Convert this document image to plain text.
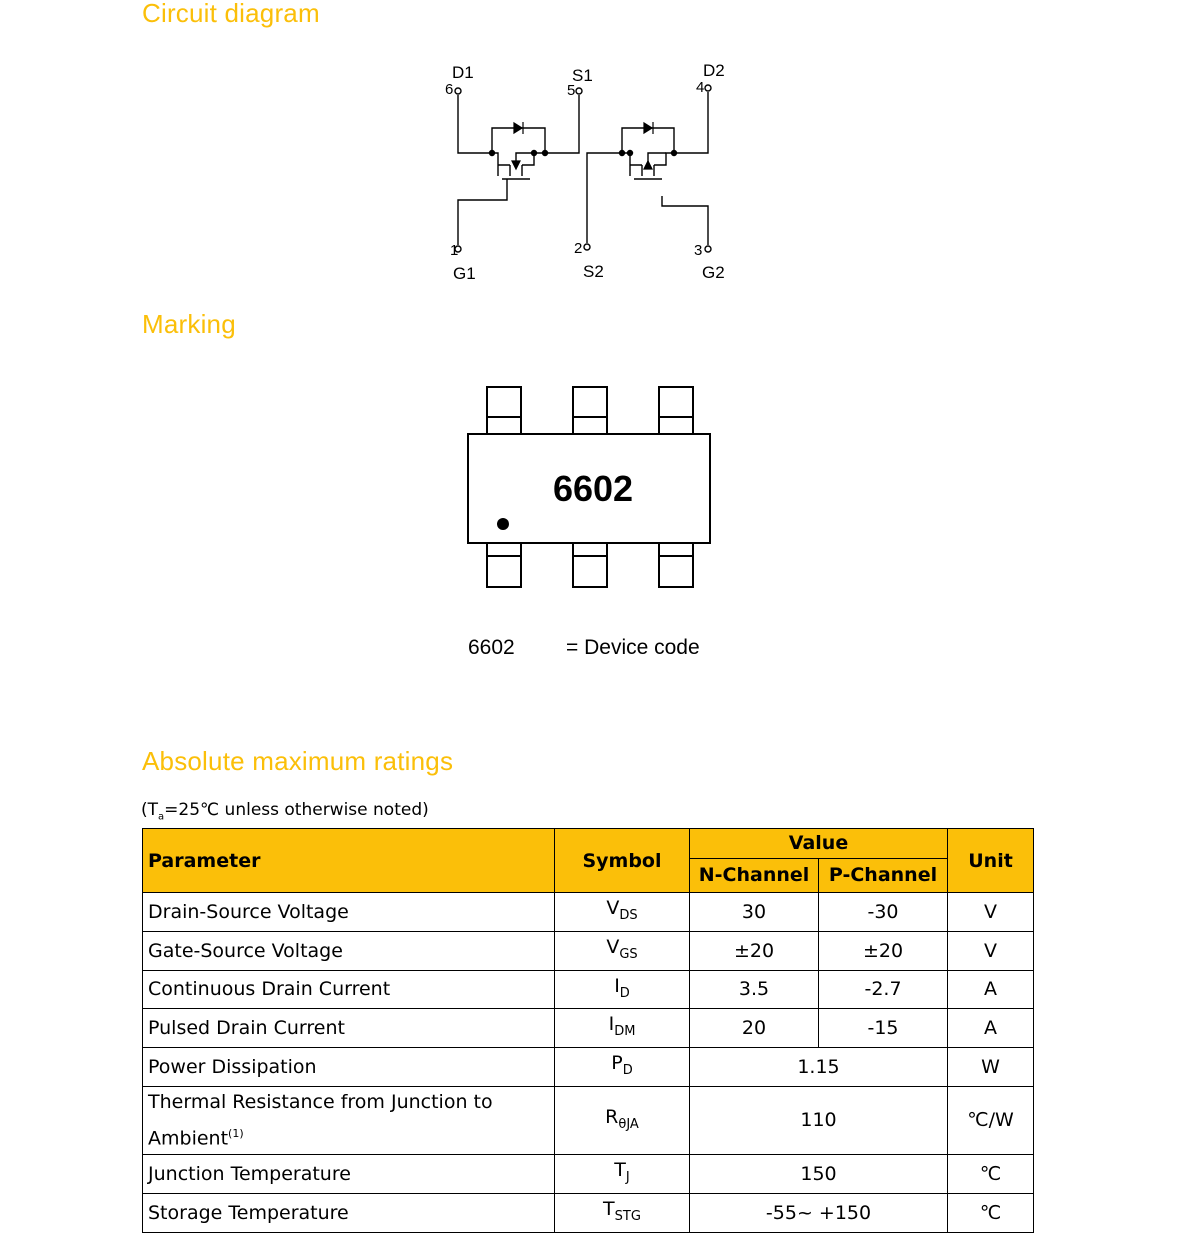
Circuit diagram
Marking
Absolute maximum ratings
D1
6
S1
5
D2
4
1
G1
2
S2
3
G2
6602
6602 = Device code
($T_a=25℃$ unless otherwise noted)
Parameter	Symbol	Value		Unit
		N-Channel	P-Channel	
Drain-Source Voltage	$V_{DS}$	30	-30	V
Gate-Source Voltage	$V_{GS}$	±20	±20	V
Continuous Drain Current	$I_D$	3.5	-2.7	A
Pulsed Drain Current	$I_{DM}$	20	-15	A
Power Dissipation	$P_D$	1.15		W
Thermal Resistance from Junction to
Ambient$^{(1)}$	$R_{\theta JA}$	110		℃/W
Junction Temperature	$T_J$	150		℃
Storage Temperature	$T_{STG}$	-55~ +150		℃
